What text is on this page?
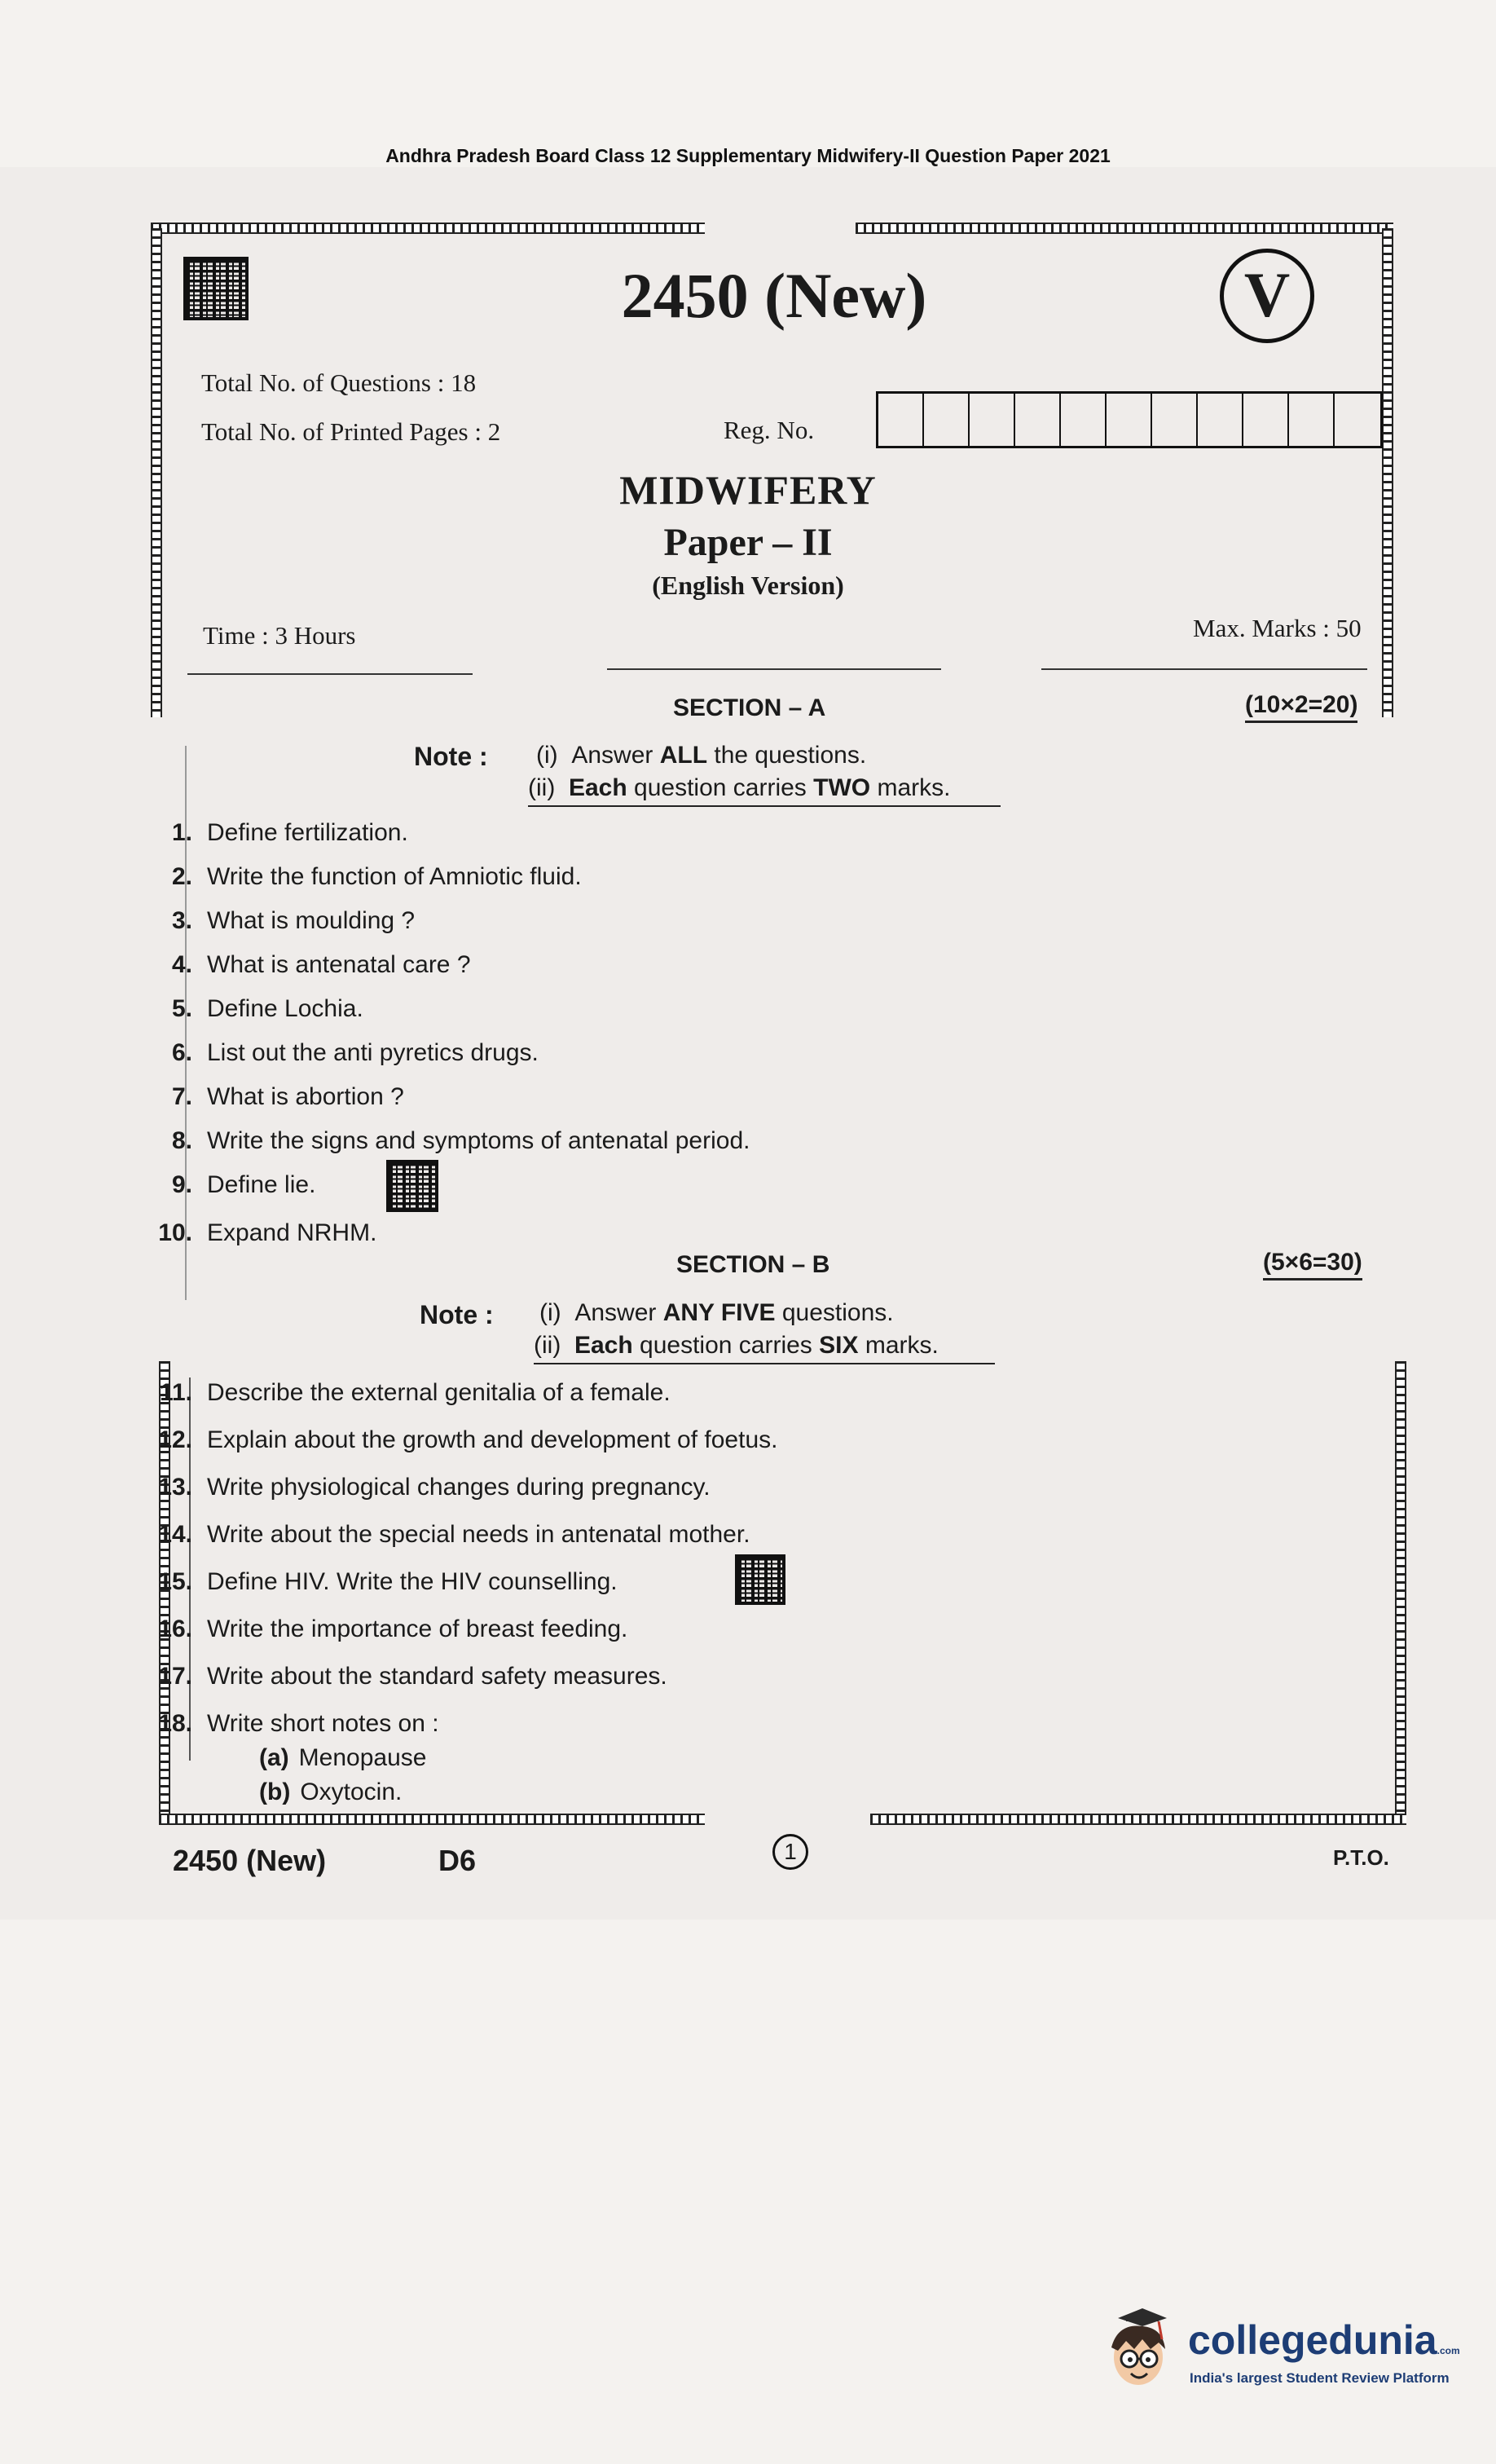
Andhra Pradesh Board Class 12 Supplementary Midwifery-II Question Paper 2021
2450 (New)	V
Total No. of Questions : 18
Total No. of Printed Pages : 2	Reg. No.
MIDWIFERY
Paper – II
(English Version)
Time : 3 Hours	Max. Marks : 50
SECTION – A	(10×2=20)
Note : (i) Answer ALL the questions.
(ii) Each question carries TWO marks.
1. Define fertilization.
2. Write the function of Amniotic fluid.
3. What is moulding ?
4. What is antenatal care ?
5. Define Lochia.
6. List out the anti pyretics drugs.
7. What is abortion ?
8. Write the signs and symptoms of antenatal period.
9. Define lie.
10. Expand NRHM.
SECTION – B	(5×6=30)
Note : (i) Answer ANY FIVE questions.
(ii) Each question carries SIX marks.
11. Describe the external genitalia of a female.
12. Explain about the growth and development of foetus.
13. Write physiological changes during pregnancy.
14. Write about the special needs in antenatal mother.
15. Define HIV. Write the HIV counselling.
16. Write the importance of breast feeding.
17. Write about the standard safety measures.
18. Write short notes on :
(a) Menopause
(b) Oxytocin.
2450 (New)	D6	1	P.T.O.
collegedunia.com
India's largest Student Review Platform
